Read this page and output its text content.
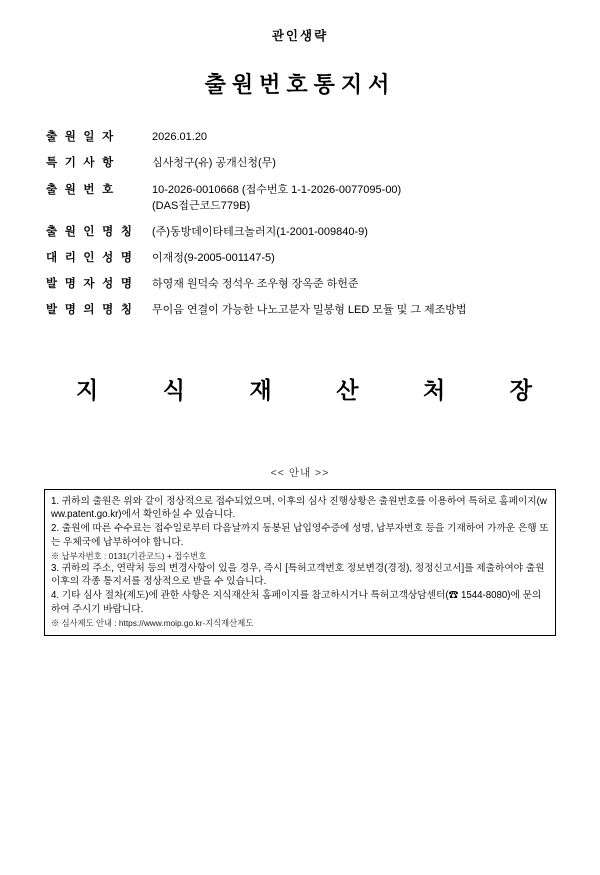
관인생략
출원번호통지서
출 원 일 자	2026.01.20
특 기 사 항	심사청구(유) 공개신청(무)
출 원 번 호	10-2026-0010668 (접수번호 1-1-2026-0077095-00)
(DAS접근코드779B)
출 원 인 명 칭	(주)동방데이타테크놀러지(1-2001-009840-9)
대 리 인 성 명	이재정(9-2005-001147-5)
발 명 자 성 명	하영재 원덕숙 정석우 조우형 장옥준 하헌준
발 명 의 명 칭	무이음 연결이 가능한 나노고분자 밀봉형 LED 모듈 및 그 제조방법
지	식	재	산	처	장
<< 안내 >>
1. 귀하의 출원은 위와 같이 정상적으로 접수되었으며, 이후의 심사 진행상황은 출원번호를 이용하여 특허로 홈페이지(www.patent.go.kr)에서 확인하실 수 있습니다.
2. 출원에 따른 수수료는 접수일로부터 다음날까지 동봉된 납입영수증에 성명, 납부자번호 등을 기재하여 가까운 은행 또는 우체국에 납부하여야 합니다.
※ 납부자번호 : 0131(기관코드) + 접수번호
3. 귀하의 주소, 연락처 등의 변경사항이 있을 경우, 즉시 [특허고객번호 정보변경(경정), 정정신고서]를 제출하여야 출원 이후의 각종 통지서를 정상적으로 받을 수 있습니다.
4. 기타 심사 절차(제도)에 관한 사항은 지식재산처 홈페이지를 참고하시거나 특허고객상담센터(☎ 1544-8080)에 문의하여 주시기 바랍니다.
※ 심사제도 안내 : https://www.moip.go.kr-지식재산제도
